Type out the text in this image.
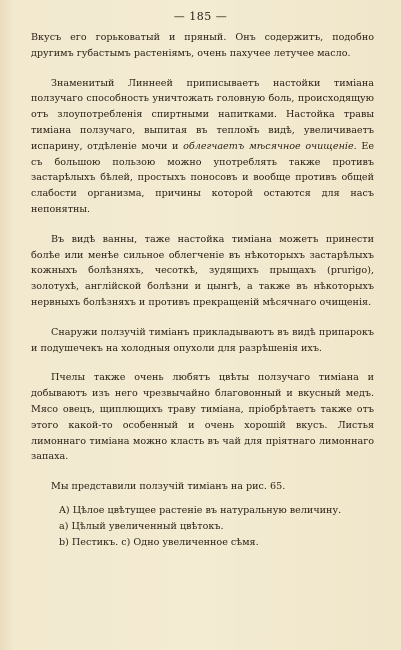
— 185 —

Вкусъ его горьковатый и пряный. Онъ содержитъ, подобно другимъ губастымъ растеніямъ, очень пахучее летучее масло.

Знаменитый Линнеей приписываетъ настойки тиміана ползучаго способность уничтожать головную боль, происходящую отъ злоупотребленія спиртными напитками. Настойка травы тиміана ползучаго, выпитая въ теплом̆ъ видѣ, увеличиваетъ испарину, отдѣленіе мочи и облегчаетъ мѣсячное очищеніе. Ее съ большою пользою можно употреблять также противъ застарѣлыхъ бѣлей, простыхъ поносовъ и вообще противъ общей слабости организма, причины которой остаются для насъ непонятны.

Въ видѣ ванны, таже настойка тиміана можетъ принести болѣе или менѣе сильное облегченіе въ нѣкоторыхъ застарѣлыхъ кожныхъ болѣзняхъ, чесоткѣ, зудящихъ прыщахъ (prurigo), золотухѣ, англійской болѣзни и цынгѣ, а также въ нѣкоторыхъ нервныхъ болѣзняхъ и противъ прекращеній мѣсячнаго очищенія.

Снаружи ползучій тиміанъ прикладываютъ въ видѣ припарокъ и подушечекъ на холодныя опухоли для разрѣшенія ихъ.

Пчелы также очень любятъ цвѣты ползучаго тиміана и добываютъ изъ него чрезвычайно благовонный и вкусный медъ. Мясо овецъ, щиплющихъ траву тиміана, пріобрѣтаетъ также отъ этого какой-то особенный и очень хорошій вкусъ. Листья лимоннаго тиміана можно класть въ чай для пріятнаго лимоннаго запаха.

Мы представили ползучій тиміанъ на рис. 65.

A) Цѣлое цвѣтущее растеніе въ натуральную величину.
a) Цѣлый увеличенный цвѣтокъ.
b) Пестикъ. c) Одно увеличенное сѣмя.
